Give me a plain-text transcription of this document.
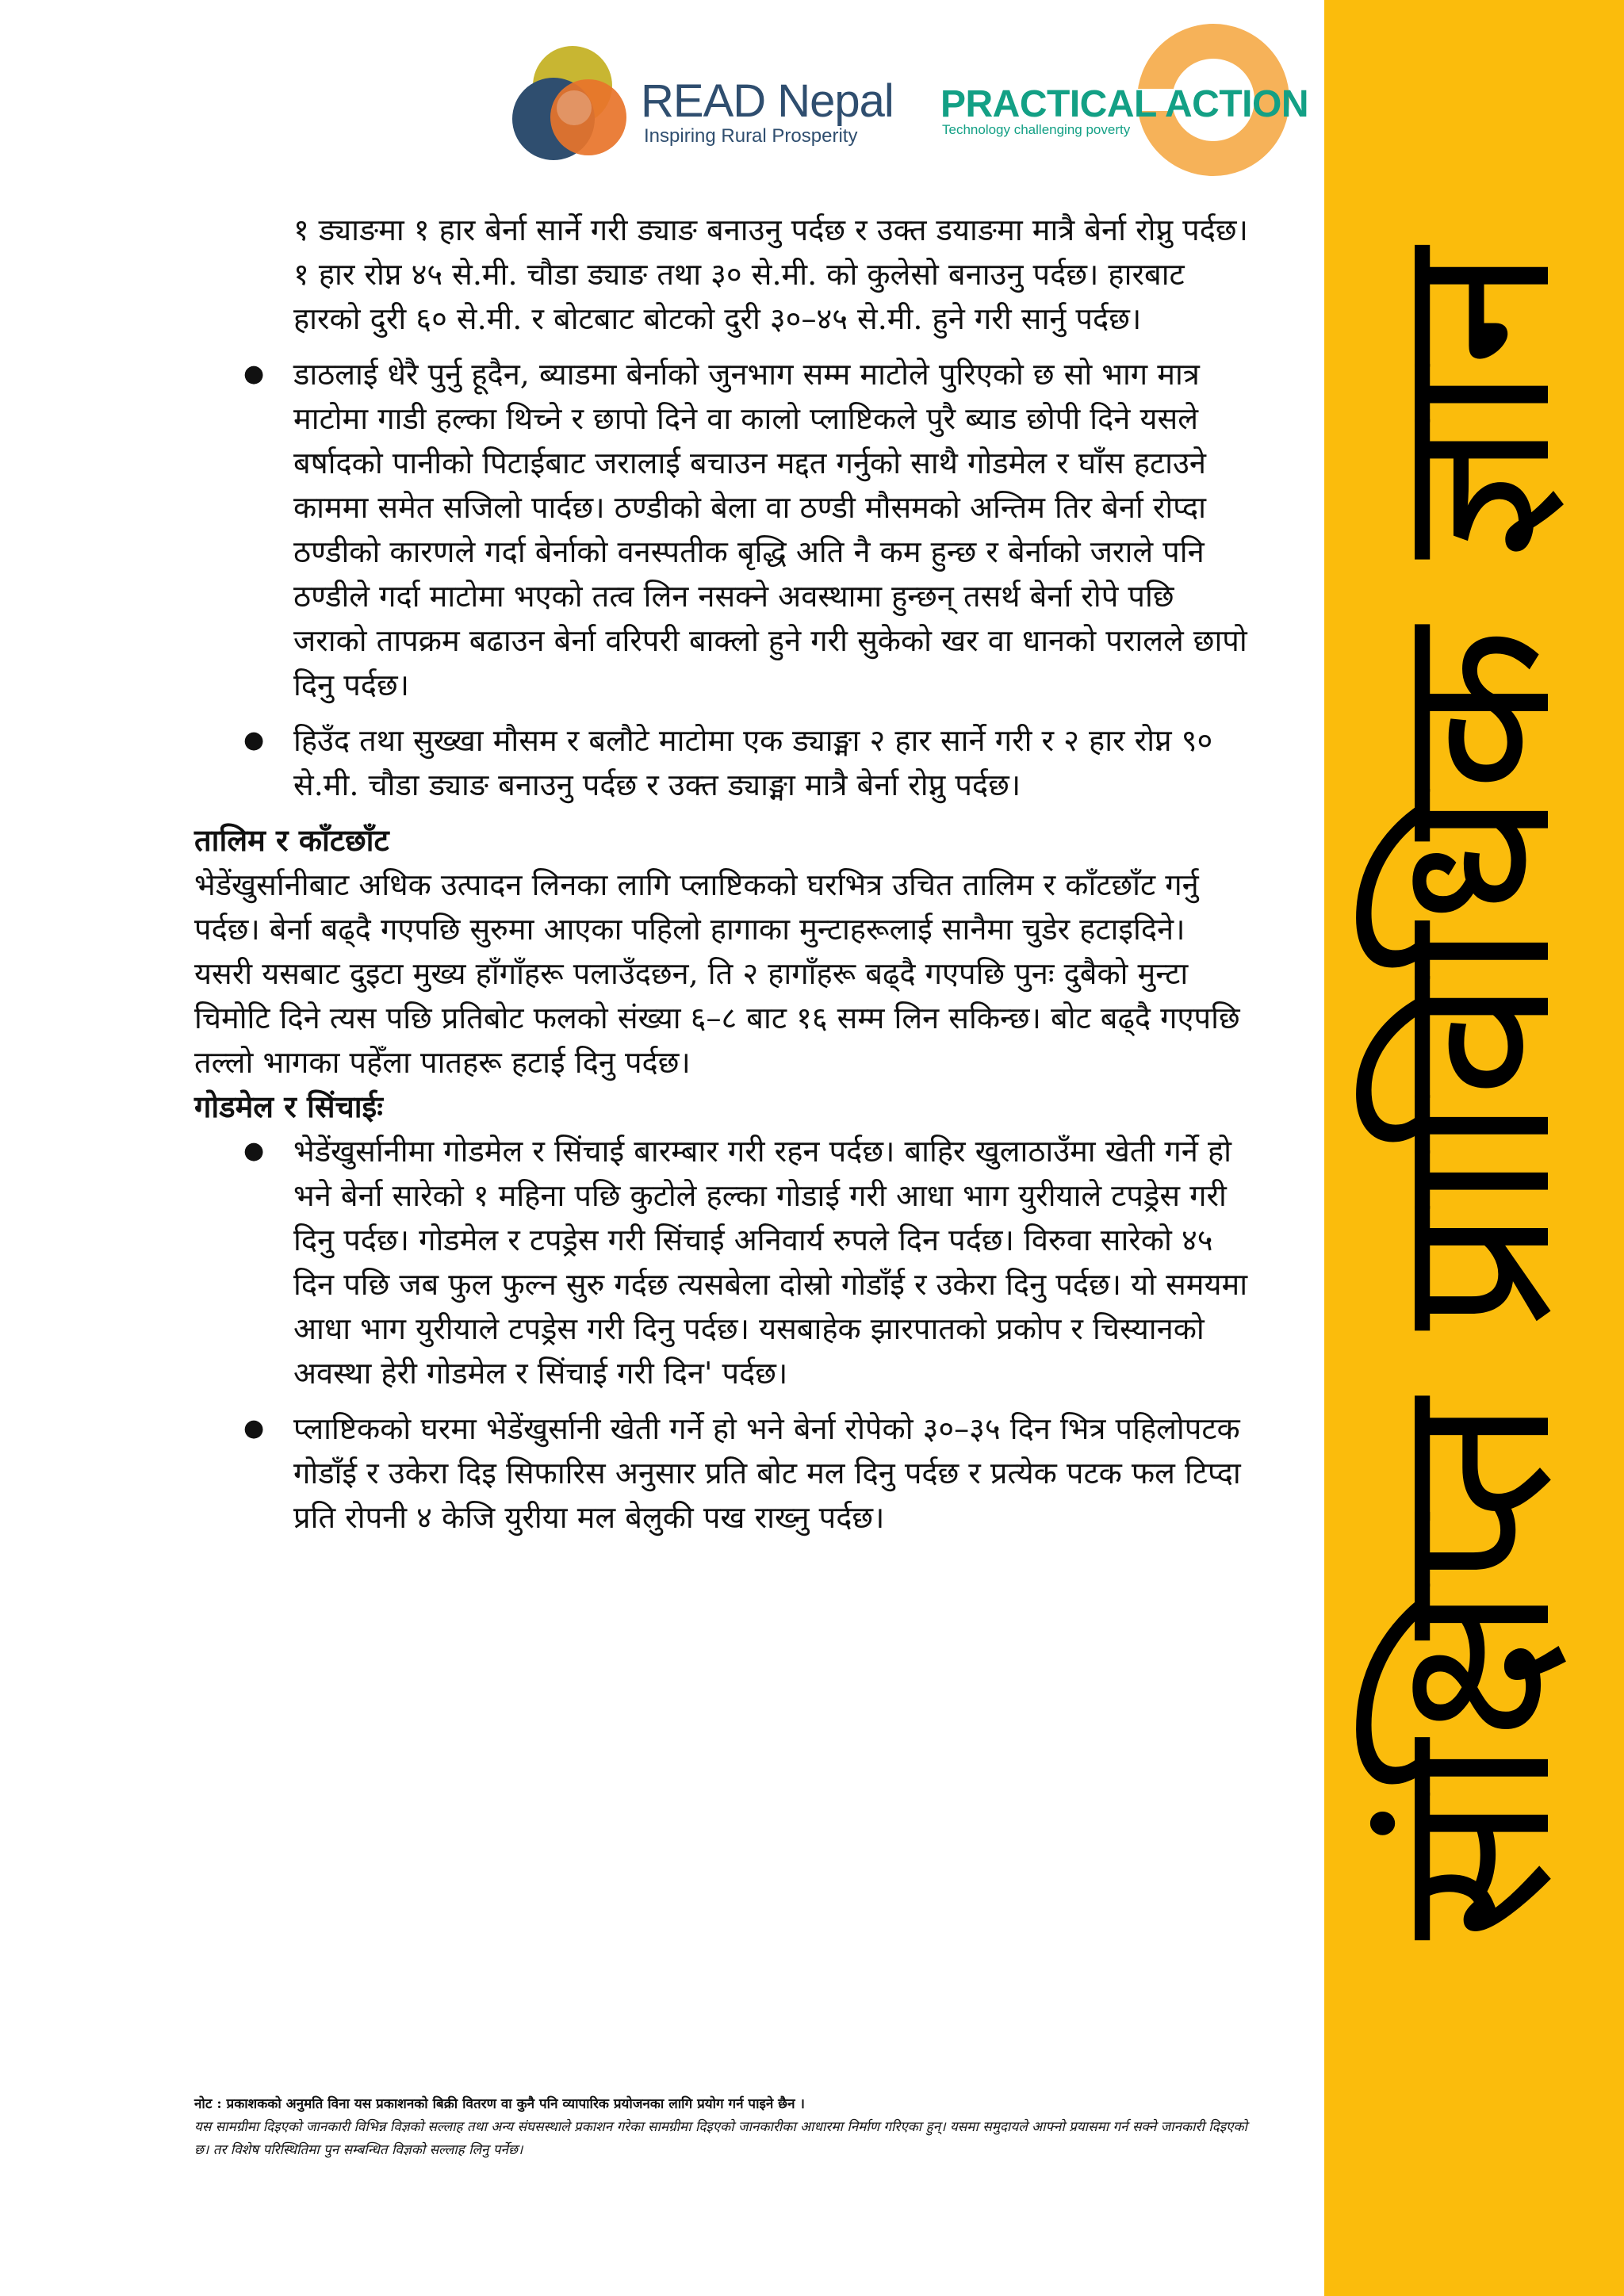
READ Nepal
Inspiring Rural Prosperity
PRACTICAL ACTION
Technology challenging poverty

१ ड्याङमा १ हार बेर्ना सार्ने गरी ड्याङ बनाउनु पर्दछ र उक्त डयाङमा मात्रै बेर्ना रोप्नु पर्दछ। १ हार रोप्न ४५ से.मी. चौडा ड्याङ तथा ३० से.मी. को कुलेसो बनाउनु पर्दछ। हारबाट हारको दुरी ६० से.मी. र बोटबाट बोटको दुरी ३०–४५ से.मी. हुने गरी सार्नु पर्दछ।

● डाठलाई धेरै पुर्नु हूदैन, ब्याडमा बेर्नाको जुनभाग सम्म माटोले पुरिएको छ सो भाग मात्र माटोमा गाडी हल्का थिच्ने र छापो दिने वा कालो प्लाष्टिकले पुरै ब्याड छोपी दिने यसले बर्षादको पानीको पिटाईबाट जरालाई बचाउन मद्दत गर्नुको साथै गोडमेल र घाँस हटाउने काममा समेत सजिलो पार्दछ। ठण्डीको बेला वा ठण्डी मौसमको अन्तिम तिर बेर्ना रोप्दा ठण्डीको कारणले गर्दा बेर्नाको वनस्पतीक बृद्धि अति नै कम हुन्छ र बेर्नाको जराले पनि ठण्डीले गर्दा माटोमा भएको तत्व लिन नसक्ने अवस्थामा हुन्छन् तसर्थ बेर्ना रोपे पछि जराको तापक्रम बढाउन बेर्ना वरिपरी बाक्लो हुने गरी सुकेको खर वा धानको परालले छापो दिनु पर्दछ।
● हिउँद तथा सुख्खा मौसम र बलौटे माटोमा एक ड्याङ्मा २ हार सार्ने गरी र २ हार रोप्न ९० से.मी. चौडा ड्याङ बनाउनु पर्दछ र उक्त ड्याङ्मा मात्रै बेर्ना रोप्नु पर्दछ।
तालिम र काँटछाँट

भेडेंखुर्सानीबाट अधिक उत्पादन लिनका लागि प्लाष्टिकको घरभित्र उचित तालिम र काँटछाँट गर्नु पर्दछ। बेर्ना बढ्दै गएपछि सुरुमा आएका पहिलो हागाका मुन्टाहरूलाई सानैमा चुडेर हटाइदिने। यसरी यसबाट दुइटा मुख्य हाँगाँहरू पलाउँदछन, ति २ हागाँहरू बढ्दै गएपछि पुनः दुबैको मुन्टा चिमोटि दिने त्यस पछि प्रतिबोट फलको संख्या ६–८ बाट १६ सम्म लिन सकिन्छ। बोट बढ्दै गएपछि तल्लो भागका पहेँला पातहरू हटाई दिनु पर्दछ।

गोडमेल र सिंचाईः
● भेडेंखुर्सानीमा गोडमेल र सिंचाई बारम्बार गरी रहन पर्दछ। बाहिर खुलाठाउँमा खेती गर्ने हो भने बेर्ना सारेको १ महिना पछि कुटोले हल्का गोडाई गरी आधा भाग युरीयाले टपड्रेस गरी दिनु पर्दछ। गोडमेल र टपड्रेस गरी सिंचाई अनिवार्य रुपले दिन पर्दछ। विरुवा सारेको ४५ दिन पछि जब फुल फुल्न सुरु गर्दछ त्यसबेला दोस्रो गोडाँई र उकेरा दिनु पर्दछ। यो समयमा आधा भाग युरीयाले टपड्रेस गरी दिनु पर्दछ। यसबाहेक झारपातको प्रकोप र चिस्यानको अवस्था हेरी गोडमेल र सिंचाई गरी दिन' पर्दछ।
● प्लाष्टिकको घरमा भेडेंखुर्सानी खेती गर्ने हो भने बेर्ना रोपेको ३०–३५ दिन भित्र पहिलोपटक गोडाँई र उकेरा दिइ सिफारिस अनुसार प्रति बोट मल दिनु पर्दछ र प्रत्येक पटक फल टिप्दा प्रति रोपनी ४ केजि युरीया मल बेलुकी पख राख्नु पर्दछ।

नोट : प्रकाशकको अनुमति विना यस प्रकाशनको बिक्री वितरण वा कुनै पनि व्यापारिक प्रयोजनका लागि प्रयोग गर्न पाइने छैन ।

यस सामग्रीमा दिइएको जानकारी विभिन्न विज्ञको सल्लाह तथा अन्य संघसस्थाले प्रकाशन गरेका सामग्रीमा दिइएको जानकारीका आधारमा निर्माण गरिएका हुन्। यसमा समुदायले आफ्नो प्रयासमा गर्न सक्ने जानकारी दिइएको छ। तर विशेष परिस्थितिमा पुन सम्बन्धित विज्ञको सल्लाह लिनु पर्नेछ।

संक्षिप्त प्राविधिक ज्ञान
